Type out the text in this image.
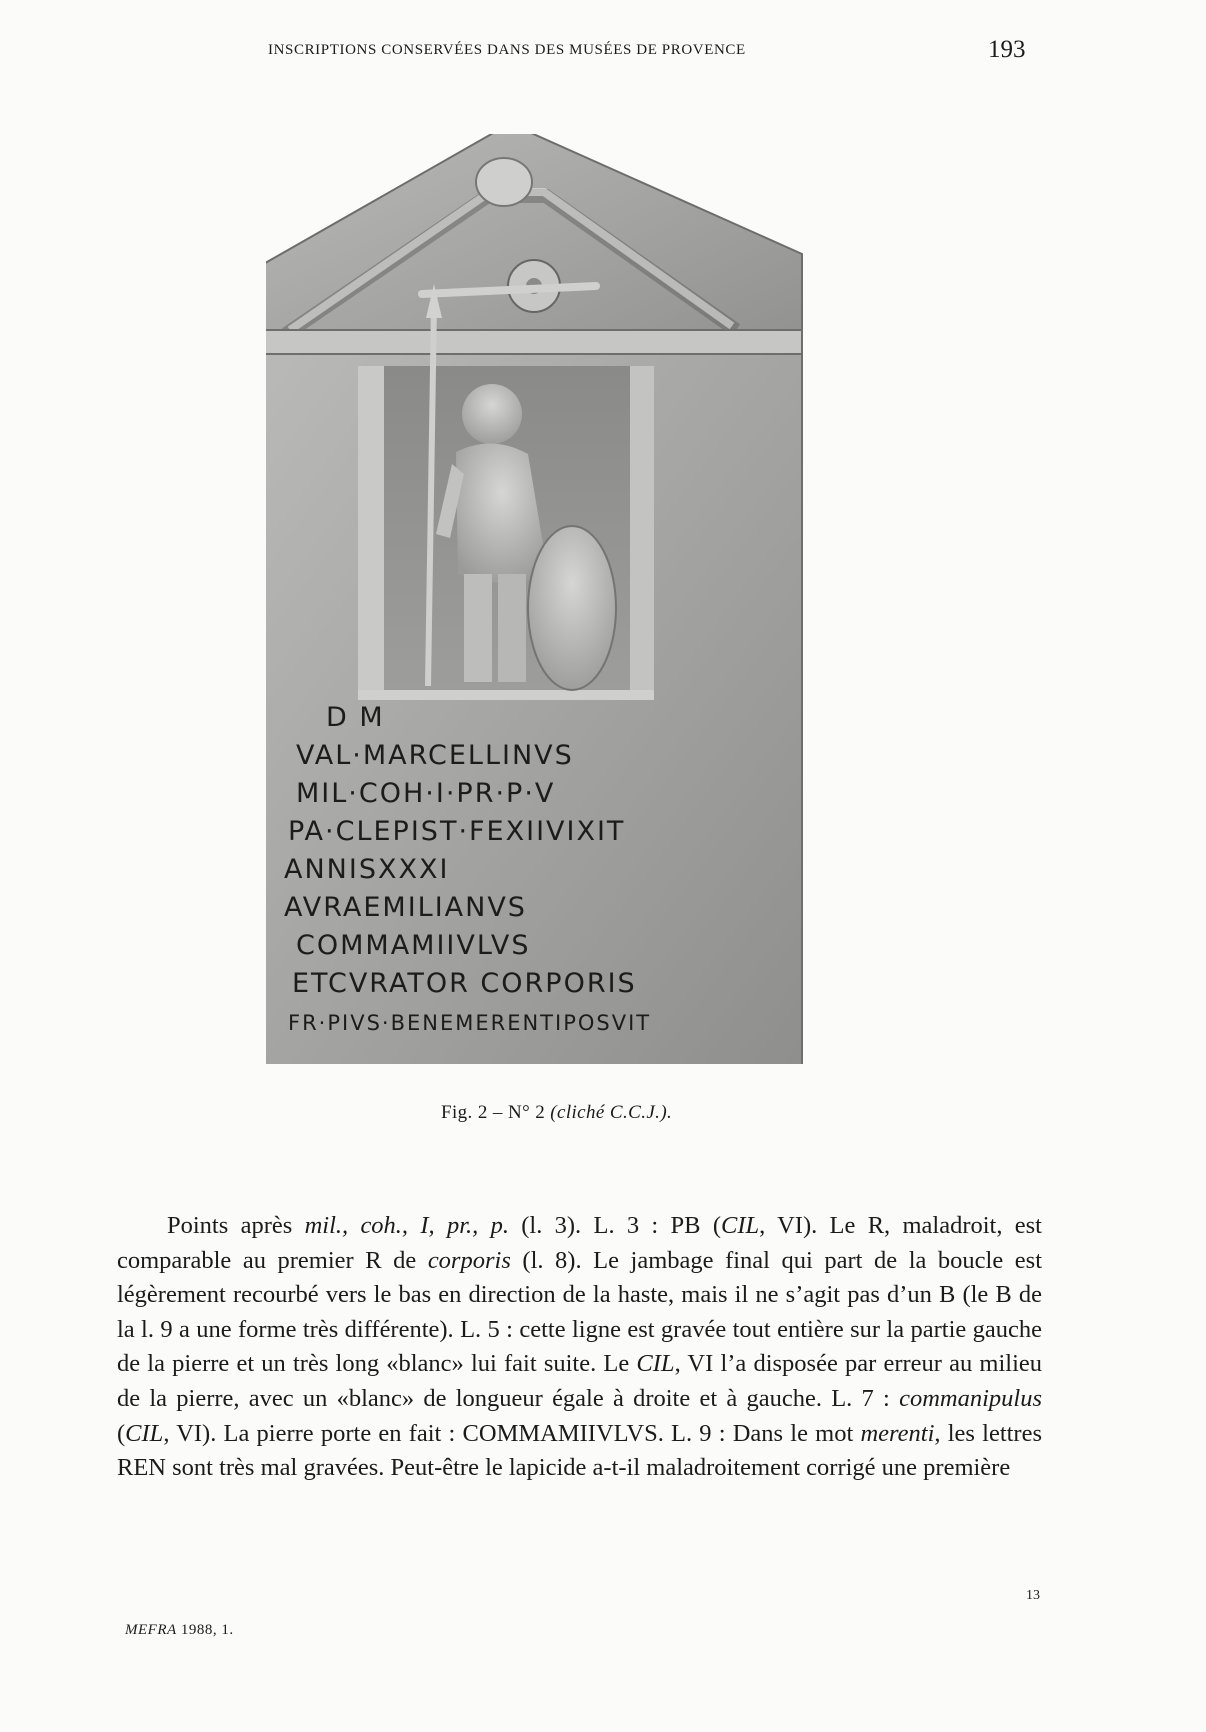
INSCRIPTIONS CONSERVÉES DANS DES MUSÉES DE PROVENCE	193
D M
VAL·MARCELLINVS
MIL·COH·I·PR·P·V
PA·CLEPIST·FEXIIVIXIT
ANNISXXXI
AVRAEMILIANVS
COMMAMIIVLVS
ETCVRATOR CORPORIS
FR·PIVS·BENEMERENTIPOSVIT
Fig. 2 – N° 2 (cliché C.C.J.).

Points après mil., coh., I, pr., p. (l. 3). L. 3 : PB (CIL, VI). Le R, maladroit, est comparable au premier R de corporis (l. 8). Le jambage final qui part de la boucle est légèrement recourbé vers le bas en direction de la haste, mais il ne s’agit pas d’un B (le B de la l. 9 a une forme très différente). L. 5 : cette ligne est gravée tout entière sur la partie gauche de la pierre et un très long «blanc» lui fait suite. Le CIL, VI l’a disposée par erreur au milieu de la pierre, avec un «blanc» de longueur égale à droite et à gauche. L. 7 : commanipulus (CIL, VI). La pierre porte en fait : COMMAMIIVLVS. L. 9 : Dans le mot merenti, les lettres REN sont très mal gravées. Peut-être le lapicide a-t-il maladroitement corrigé une première

MEFRA 1988, 1.
13
